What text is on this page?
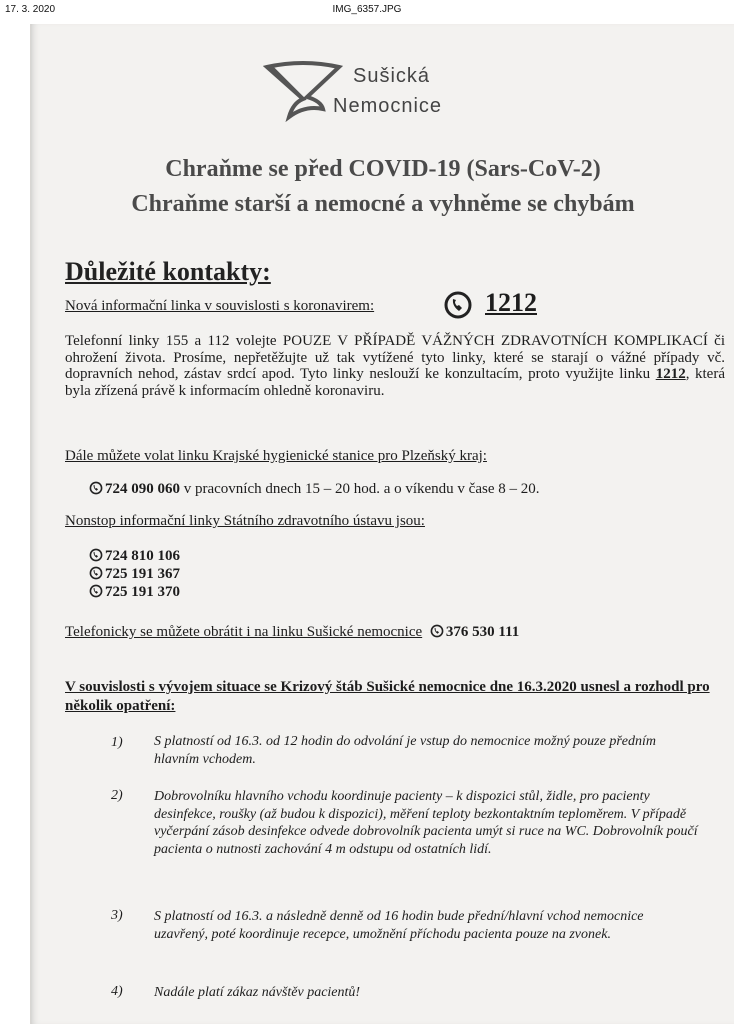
17. 3. 2020	IMG_6357.JPG
Sušická
Nemocnice
Chraňme se před COVID-19 (Sars-CoV-2)
Chraňme starší a nemocné a vyhněme se chybám
Důležité kontakty:
Nová informační linka v souvislosti s koronavirem:	1212
Telefonní linky 155 a 112 volejte POUZE V PŘÍPADĚ VÁŽNÝCH ZDRAVOTNÍCH KOMPLIKACÍ či ohrožení života. Prosíme, nepřetěžujte už tak vytížené tyto linky, které se starají o vážné případy vč. dopravních nehod, zástav srdcí apod. Tyto linky neslouží ke konzultacím, proto využijte linku 1212, která byla zřízená právě k informacím ohledně koronaviru.
Dále můžete volat linku Krajské hygienické stanice pro Plzeňský kraj:
724 090 060 v pracovních dnech 15 – 20 hod. a o víkendu v čase 8 – 20.
Nonstop informační linky Státního zdravotního ústavu jsou:
724 810 106
725 191 367
725 191 370
Telefonicky se můžete obrátit i na linku Sušické nemocnice 376 530 111
V souvislosti s vývojem situace se Krizový štáb Sušické nemocnice dne 16.3.2020 usnesl a rozhodl pro několik opatření:
1) S platností od 16.3. od 12 hodin do odvolání je vstup do nemocnice možný pouze předním hlavním vchodem.
2) Dobrovolníku hlavního vchodu koordinuje pacienty – k dispozici stůl, židle, pro pacienty desinfekce, roušky (až budou k dispozici), měření teploty bezkontaktním teploměrem. V případě vyčerpání zásob desinfekce odvede dobrovolník pacienta umýt si ruce na WC. Dobrovolník poučí pacienta o nutnosti zachování 4 m odstupu od ostatních lidí.
3) S platností od 16.3. a následně denně od 16 hodin bude přední/hlavní vchod nemocnice uzavřený, poté koordinuje recepce, umožnění příchodu pacienta pouze na zvonek.
4) Nadále platí zákaz návštěv pacientů!
